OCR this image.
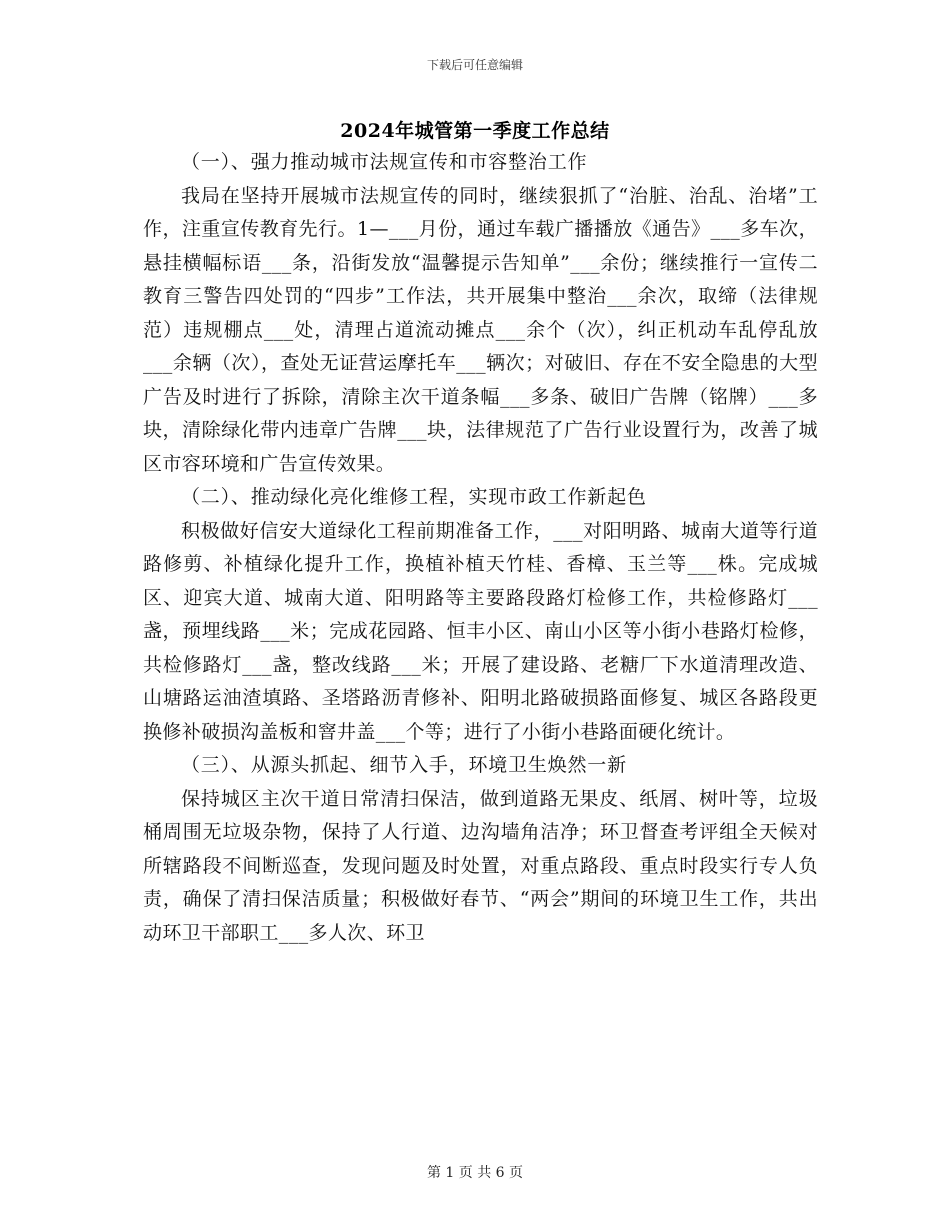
下载后可任意编辑
2024年城管第一季度工作总结

（一）、强力推动城市法规宣传和市容整治工作

我局在坚持开展城市法规宣传的同时，继续狠抓了“治脏、治乱、治堵”工作，注重宣传教育先行。1—___月份，通过车载广播播放《通告》___多车次，悬挂横幅标语___条，沿街发放“温馨提示告知单”___余份；继续推行一宣传二教育三警告四处罚的“四步”工作法，共开展集中整治___余次，取缔（法律规范）违规棚点___处，清理占道流动摊点___余个（次），纠正机动车乱停乱放___余辆（次），查处无证营运摩托车___辆次；对破旧、存在不安全隐患的大型广告及时进行了拆除，清除主次干道条幅___多条、破旧广告牌（铭牌）___多块，清除绿化带内违章广告牌___块，法律规范了广告行业设置行为，改善了城区市容环境和广告宣传效果。

（二）、推动绿化亮化维修工程，实现市政工作新起色

积极做好信安大道绿化工程前期准备工作，___对阳明路、城南大道等行道路修剪、补植绿化提升工作，换植补植天竹桂、香樟、玉兰等___株。完成城区、迎宾大道、城南大道、阳明路等主要路段路灯检修工作，共检修路灯___盏，预埋线路___米；完成花园路、恒丰小区、南山小区等小街小巷路灯检修，共检修路灯___盏，整改线路___米；开展了建设路、老糖厂下水道清理改造、山塘路运油渣填路、圣塔路沥青修补、阳明北路破损路面修复、城区各路段更换修补破损沟盖板和窨井盖___个等；进行了小街小巷路面硬化统计。

（三）、从源头抓起、细节入手，环境卫生焕然一新

保持城区主次干道日常清扫保洁，做到道路无果皮、纸屑、树叶等，垃圾桶周围无垃圾杂物，保持了人行道、边沟墙角洁净；环卫督查考评组全天候对所辖路段不间断巡查，发现问题及时处置，对重点路段、重点时段实行专人负责，确保了清扫保洁质量；积极做好春节、“两会”期间的环境卫生工作，共出动环卫干部职工___多人次、环卫

第 1 页 共 6 页
